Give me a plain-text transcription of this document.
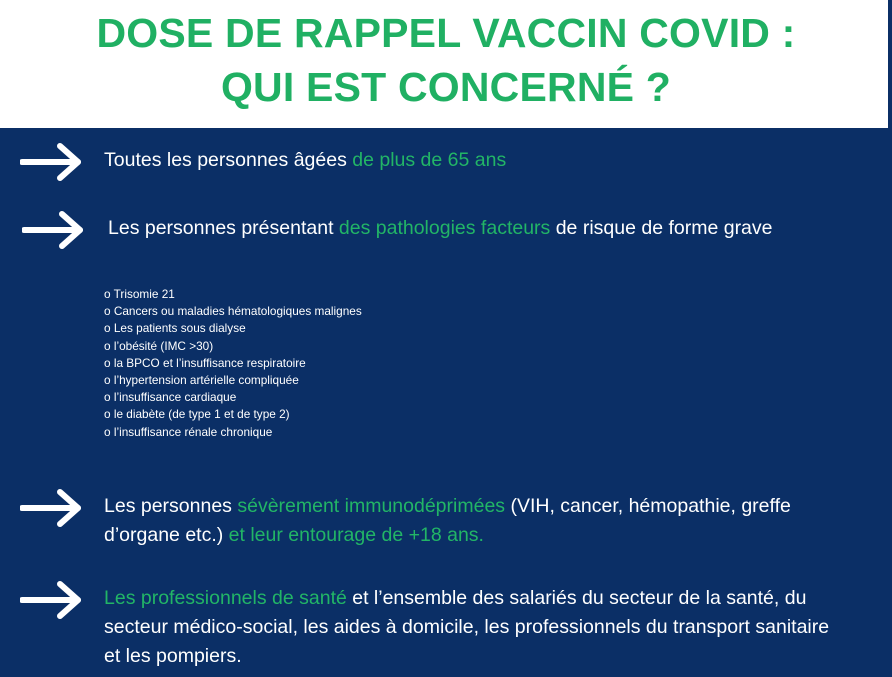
DOSE DE RAPPEL VACCIN COVID :
QUI EST CONCERNÉ ?
Toutes les personnes âgées de plus de 65 ans
Les personnes présentant des pathologies facteurs de risque de forme grave
o Trisomie 21
o Cancers ou maladies hématologiques malignes
o Les patients sous dialyse
o l’obésité (IMC >30)
o la BPCO et l’insuffisance respiratoire
o l’hypertension artérielle compliquée
o l’insuffisance cardiaque
o le diabète (de type 1 et de type 2)
o l’insuffisance rénale chronique
Les personnes sévèrement immunodéprimées (VIH, cancer, hémopathie, greffe d’organe etc.) et leur entourage de +18 ans.
Les professionnels de santé et l’ensemble des salariés du secteur de la santé, du secteur médico-social, les aides à domicile, les professionnels du transport sanitaire et les pompiers.
